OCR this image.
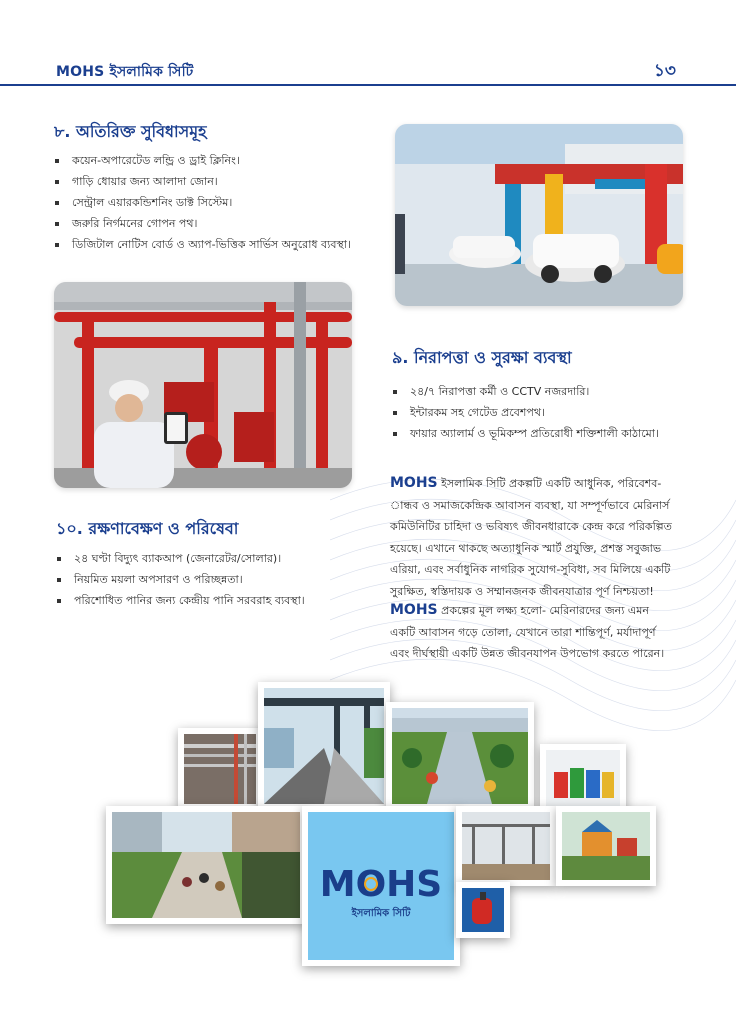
MOHS ইসলামিক সিটি	১৩
৮. অতিরিক্ত সুবিধাসমূহ
কয়েন-অপারেটেড লন্ড্রি ও ড্রাই ক্লিনিং।
গাড়ি ধোয়ার জন্য আলাদা জোন।
সেন্ট্রাল এয়ারকন্ডিশনিং ডাক্ট সিস্টেম।
জরুরি নির্গমনের গোপন পথ।
ডিজিটাল নোটিস বোর্ড ও অ্যাপ-ভিত্তিক সার্ভিস অনুরোধ ব্যবস্থা।
৯. নিরাপত্তা ও সুরক্ষা ব্যবস্থা
২৪/৭ নিরাপত্তা কর্মী ও CCTV নজরদারি।
ইন্টারকম সহ গেটেড প্রবেশপথ।
ফায়ার অ্যালার্ম ও ভূমিকম্প প্রতিরোধী শক্তিশালী কাঠামো।
MOHS ইসলামিক সিটি প্রকল্পটি একটি আধুনিক, পরিবেশব-
ান্ধব ও সমাজকেন্দ্রিক আবাসন ব্যবস্থা, যা সম্পূর্ণভাবে মেরিনার্স
কমিউনিটির চাহিদা ও ভবিষ্যৎ জীবনধারাকে কেন্দ্র করে পরিকল্পিত
হয়েছে। এখানে থাকছে অত্যাধুনিক স্মার্ট প্রযুক্তি, প্রশস্ত সবুজাভ
এরিয়া, এবং সর্বাধুনিক নাগরিক সুযোগ-সুবিধা, সব মিলিয়ে একটি
সুরক্ষিত, স্বস্তিদায়ক ও সম্মানজনক জীবনযাত্রার পূর্ণ নিশ্চয়তা!
MOHS প্রকল্পের মূল লক্ষ্য হলো- মেরিনারদের জন্য এমন
একটি আবাসন গড়ে তোলা, যেখানে তারা শান্তিপূর্ণ, মর্যাদাপূর্ণ
এবং দীর্ঘস্থায়ী একটি উন্নত জীবনযাপন উপভোগ করতে পারেন।
১০. রক্ষণাবেক্ষণ ও পরিষেবা
২৪ ঘণ্টা বিদ্যুৎ ব্যাকআপ (জেনারেটর/সোলার)।
নিয়মিত ময়লা অপসারণ ও পরিচ্ছন্নতা।
পরিশোধিত পানির জন্য কেন্দ্রীয় পানি সরবরাহ ব্যবস্থা।
MOHS
ইসলামিক সিটি
